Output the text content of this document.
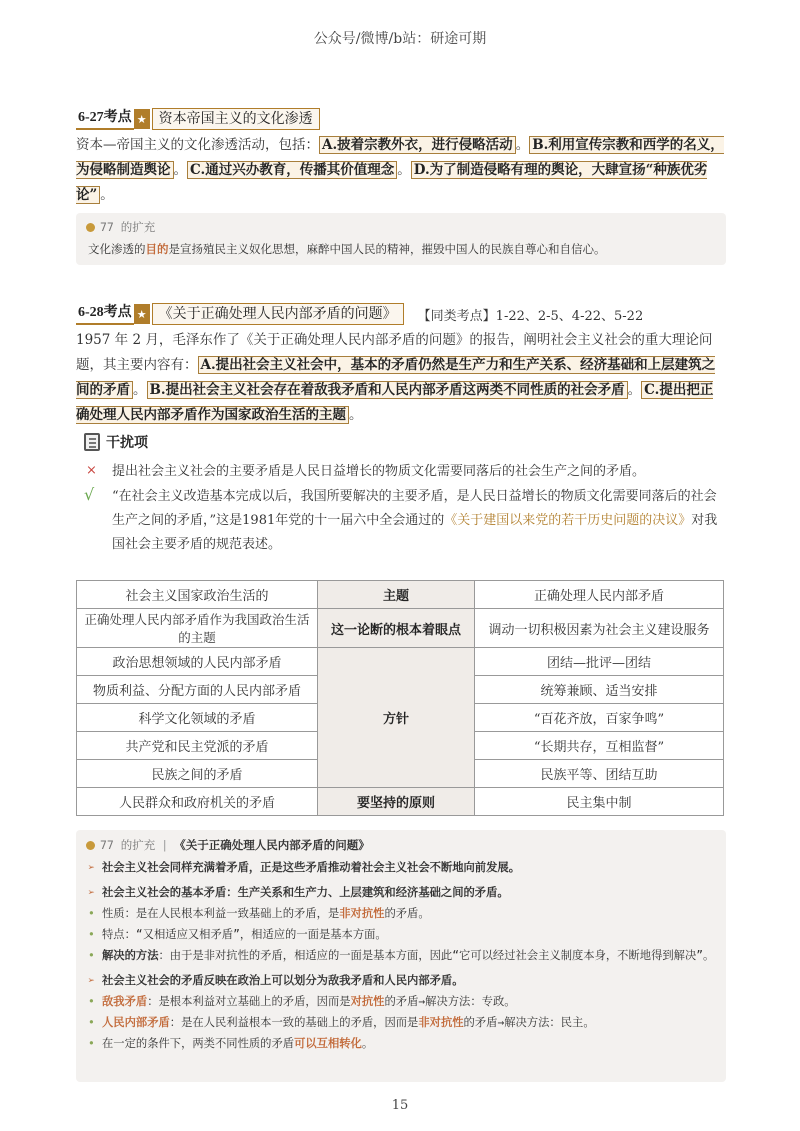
公众号/微博/b站：研途可期
6-27考点 ★ 资本帝国主义的文化渗透
资本—帝国主义的文化渗透活动，包括： A.披着宗教外衣，进行侵略活动 。 B.利用宣传宗教和西学的名义，为侵略制造舆论 。 C.通过兴办教育，传播其价值理念 。 D.为了制造侵略有理的舆论，大肆宣扬“种族优劣论” 。
77 的扩充
文化渗透的目的是宣扬殖民主义奴化思想，麻醉中国人民的精神，摧毁中国人的民族自尊心和自信心。
6-28考点 ★ 《关于正确处理人民内部矛盾的问题》	【同类考点】1-22、2-5、4-22、5-22
1957 年 2 月，毛泽东作了《关于正确处理人民内部矛盾的问题》的报告，阐明社会主义社会的重大理论问题，其主要内容有： A.提出社会主义社会中，基本的矛盾仍然是生产力和生产关系、经济基础和上层建筑之间的矛盾 。 B.提出社会主义社会存在着敌我矛盾和人民内部矛盾这两类不同性质的社会矛盾 。 C.提出把正确处理人民内部矛盾作为国家政治生活的主题 。
干扰项
× 提出社会主义社会的主要矛盾是人民日益增长的物质文化需要同落后的社会生产之间的矛盾。
√ “在社会主义改造基本完成以后，我国所要解决的主要矛盾，是人民日益增长的物质文化需要同落后的社会生产之间的矛盾，”这是1981年党的十一届六中全会通过的《关于建国以来党的若干历史问题的决议》对我国社会主要矛盾的规范表述。
社会主义国家政治生活的	主题	正确处理人民内部矛盾
正确处理人民内部矛盾作为我国政治生活的主题	这一论断的根本着眼点	调动一切积极因素为社会主义建设服务
政治思想领域的人民内部矛盾	方针	团结—批评—团结
物质利益、分配方面的人民内部矛盾		统筹兼顾、适当安排
科学文化领域的矛盾		“百花齐放，百家争鸣”
共产党和民主党派的矛盾		“长期共存，互相监督”
民族之间的矛盾		民族平等、团结互助
人民群众和政府机关的矛盾	要坚持的原则	民主集中制
77 的扩充 | 《关于正确处理人民内部矛盾的问题》
➢ 社会主义社会同样充满着矛盾，正是这些矛盾推动着社会主义社会不断地向前发展。
➢ 社会主义社会的基本矛盾：生产关系和生产力、上层建筑和经济基础之间的矛盾。
• 性质：是在人民根本利益一致基础上的矛盾，是非对抗性的矛盾。
• 特点：“又相适应又相矛盾”，相适应的一面是基本方面。
• 解决的方法：由于是非对抗性的矛盾，相适应的一面是基本方面，因此“它可以经过社会主义制度本身，不断地得到解决”。
➢ 社会主义社会的矛盾反映在政治上可以划分为敌我矛盾和人民内部矛盾。
• 敌我矛盾：是根本利益对立基础上的矛盾，因而是对抗性的矛盾→解决方法：专政。
• 人民内部矛盾：是在人民利益根本一致的基础上的矛盾，因而是非对抗性的矛盾→解决方法：民主。
• 在一定的条件下，两类不同性质的矛盾可以互相转化。
15
